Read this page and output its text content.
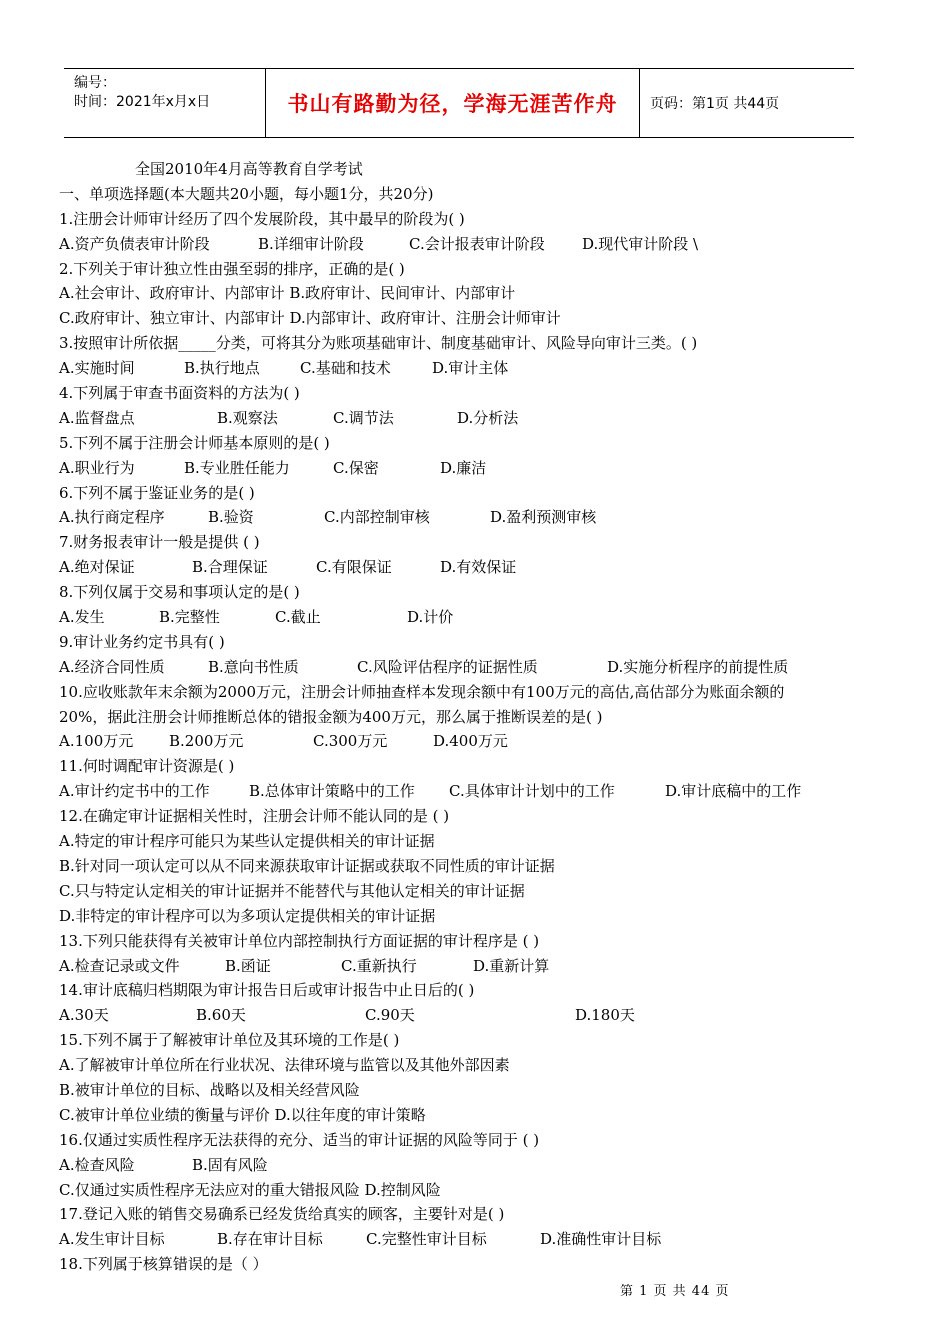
编号：
时间：2021年x月x日	书山有路勤为径，学海无涯苦作舟 页码：第1页 共44页
全国2010年4月高等教育自学考试
一、单项选择题(本大题共20小题，每小题1分，共20分)
1.注册会计师审计经历了四个发展阶段，其中最早的阶段为( )
A.资产负债表审计阶段	B.详细审计阶段	C.会计报表审计阶段 D.现代审计阶段 \
2.下列关于审计独立性由强至弱的排序，正确的是( )
A.社会审计、政府审计、内部审计 B.政府审计、民间审计、内部审计
C.政府审计、独立审计、内部审计 D.内部审计、政府审计、注册会计师审计
3.按照审计所依据_____分类，可将其分为账项基础审计、制度基础审计、风险导向审计三类。( )
A.实施时间	B.执行地点	C.基础和技术	D.审计主体
4.下列属于审查书面资料的方法为( )
A.监督盘点	B.观察法	C.调节法	D.分析法
5.下列不属于注册会计师基本原则的是( )
A.职业行为	B.专业胜任能力	C.保密	D.廉洁
6.下列不属于鉴证业务的是( )
A.执行商定程序	B.验资	C.内部控制审核	D.盈利预测审核
7.财务报表审计一般是提供 ( )
A.绝对保证	B.合理保证	C.有限保证	D.有效保证
8.下列仅属于交易和事项认定的是( )
A.发生	B.完整性	C.截止	D.计价
9.审计业务约定书具有( )
A.经济合同性质	B.意向书性质	C.风险评估程序的证据性质	D.实施分析程序的前提性质
10.应收账款年末余额为2000万元，注册会计师抽查样本发现余额中有100万元的高估,高估部分为账面余额的
20%，据此注册会计师推断总体的错报金额为400万元，那么属于推断误差的是( )
A.100万元 B.200万元	C.300万元	D.400万元
11.何时调配审计资源是( )
A.审计约定书中的工作	B.总体审计策略中的工作 C.具体审计计划中的工作	D.审计底稿中的工作
12.在确定审计证据相关性时，注册会计师不能认同的是 ( )
A.特定的审计程序可能只为某些认定提供相关的审计证据
B.针对同一项认定可以从不同来源获取审计证据或获取不同性质的审计证据
C.只与特定认定相关的审计证据并不能替代与其他认定相关的审计证据
D.非特定的审计程序可以为多项认定提供相关的审计证据
13.下列只能获得有关被审计单位内部控制执行方面证据的审计程序是 ( )
A.检查记录或文件	B.函证	C.重新执行	D.重新计算
14.审计底稿归档期限为审计报告日后或审计报告中止日后的( )
A.30天	B.60天	C.90天	D.180天
15.下列不属于了解被审计单位及其环境的工作是( )
A.了解被审计单位所在行业状况、法律环境与监管以及其他外部因素
B.被审计单位的目标、战略以及相关经营风险
C.被审计单位业绩的衡量与评价 D.以往年度的审计策略
16.仅通过实质性程序无法获得的充分、适当的审计证据的风险等同于 ( )
A.检查风险	B.固有风险
C.仅通过实质性程序无法应对的重大错报风险 D.控制风险
17.登记入账的销售交易确系已经发货给真实的顾客，主要针对是( )
A.发生审计目标	B.存在审计目标	C.完整性审计目标	D.准确性审计目标
18.下列属于核算错误的是（ ）
第 1 页 共 44 页
